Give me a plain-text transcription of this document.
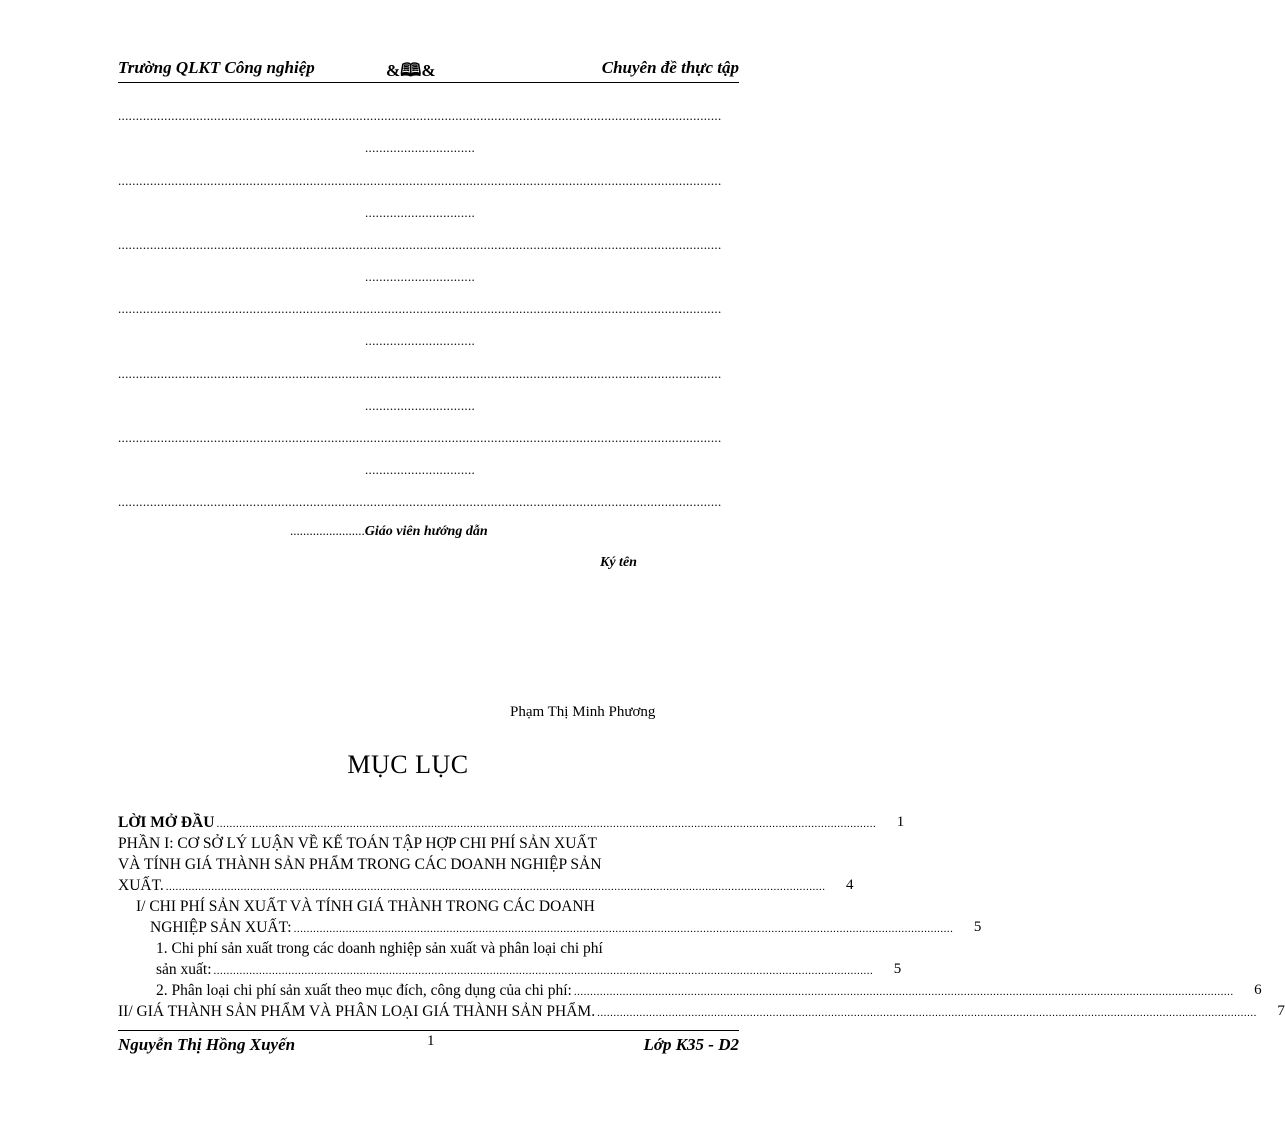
Trường QLKT Công nghiệp	&🕮&	Chuyên đề thực tập
..........................................................................................................................................................................
...............................
..........................................................................................................................................................................
...............................
..........................................................................................................................................................................
...............................
..........................................................................................................................................................................
...............................
..........................................................................................................................................................................
...............................
..........................................................................................................................................................................
...............................
..........................................................................................................................................................................
.......................Giáo viên hướng dẫn
Ký tên
Phạm Thị Minh Phương
MỤC LỤC
LỜI MỞ ĐẦU ...........................................................................................................................................................................................................	1
PHẦN I: CƠ SỞ LÝ LUẬN VỀ KẾ TOÁN TẬP HỢP CHI PHÍ SẢN XUẤT
VÀ TÍNH GIÁ THÀNH SẢN PHẨM TRONG CÁC DOANH NGHIỆP SẢN
XUẤT. ...........................................................................................................................................................................................................	4
I/ CHI PHÍ SẢN XUẤT VÀ TÍNH GIÁ THÀNH TRONG CÁC DOANH
NGHIỆP SẢN XUẤT: ...........................................................................................................................................................................................................	5
1. Chi phí sản xuất trong các doanh nghiệp sản xuất và phân loại chi phí
sản xuất: ...........................................................................................................................................................................................................	5
2. Phân loại chi phí sản xuất theo mục đích, công dụng của chi phí: ...........................................................................................................................................................................................................	6
II/ GIÁ THÀNH SẢN PHẨM VÀ PHÂN LOẠI GIÁ THÀNH SẢN PHẨM. ...........................................................................................................................................................................................................	7
Nguyễn Thị Hồng Xuyến	1	Lớp K35 - D2
